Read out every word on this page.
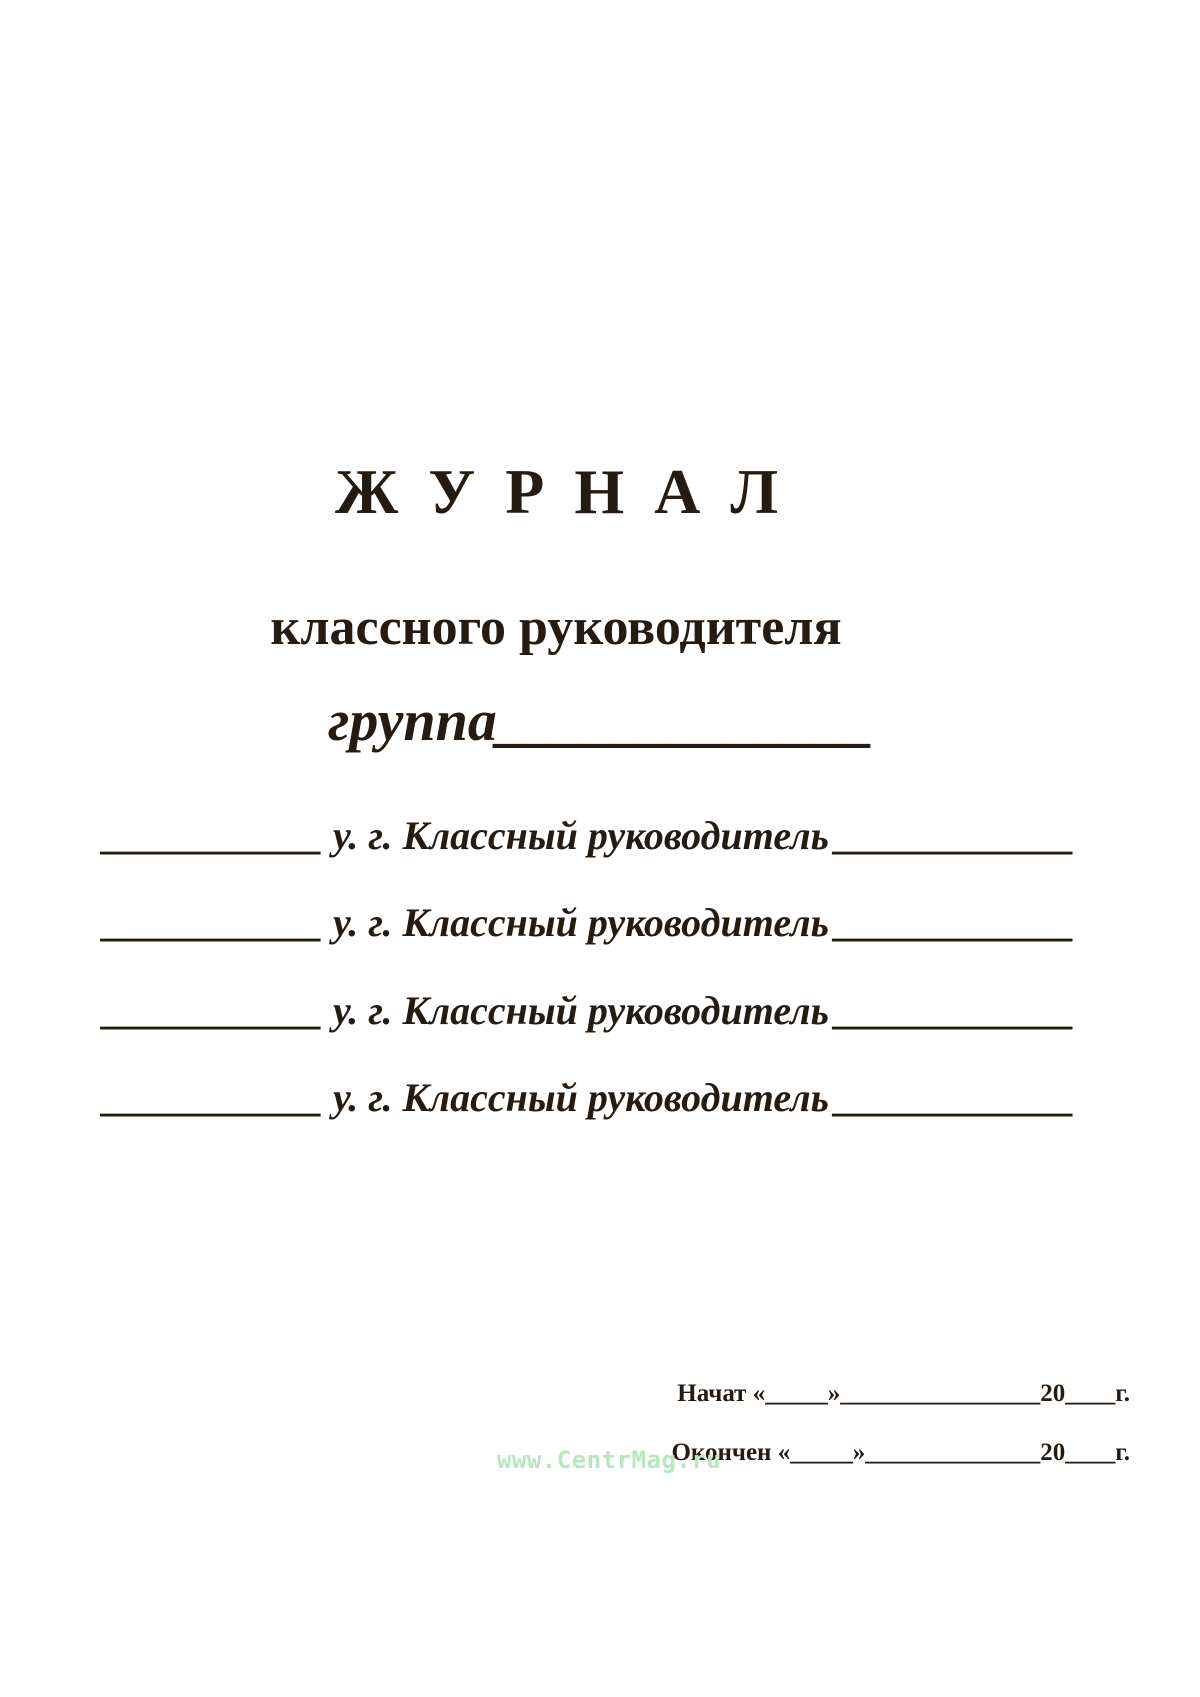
Ж У Р Н А Л
классного руководителя
группа_____________
___________ у. г. Классный руководитель ____________
___________ у. г. Классный руководитель ____________
___________ у. г. Классный руководитель ____________
___________ у. г. Классный руководитель ____________
Начат «_____»________________20____г.
Окончен «_____»______________20____г.
www.CentrMag.ru
